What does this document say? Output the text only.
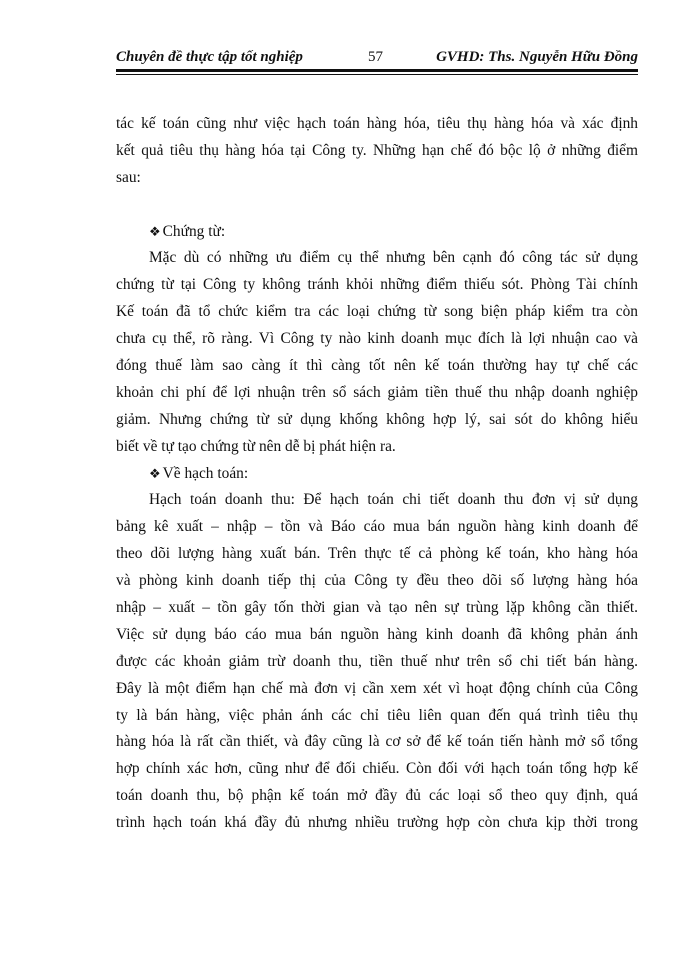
Chuyên đề thực tập tốt nghiệp	57	GVHD: Ths. Nguyễn Hữu Đồng
tác kế toán cũng như việc hạch toán hàng hóa, tiêu thụ hàng hóa và xác định
kết quả tiêu thụ hàng hóa tại Công ty. Những hạn chế đó bộc lộ ở những điểm
sau:
❖ Chứng từ:
Mặc dù có những ưu điểm cụ thể nhưng bên cạnh đó công tác sử dụng
chứng từ tại Công ty không tránh khỏi những điểm thiếu sót. Phòng Tài chính
Kế toán đã tổ chức kiểm tra các loại chứng từ song biện pháp kiểm tra còn
chưa cụ thể, rõ ràng. Vì Công ty nào kinh doanh mục đích là lợi nhuận cao và
đóng thuế làm sao càng ít thì càng tốt nên kế toán thường hay tự chế các
khoản chi phí để lợi nhuận trên sổ sách giảm tiền thuế thu nhập doanh nghiệp
giảm. Nhưng chứng từ sử dụng khống không hợp lý, sai sót do không hiểu
biết về tự tạo chứng từ nên dễ bị phát hiện ra.
❖ Về hạch toán:
Hạch toán doanh thu: Để hạch toán chi tiết doanh thu đơn vị sử dụng
bảng kê xuất – nhập – tồn và Báo cáo mua bán nguồn hàng kinh doanh để
theo dõi lượng hàng xuất bán. Trên thực tế cả phòng kế toán, kho hàng hóa
và phòng kinh doanh tiếp thị của Công ty đều theo dõi số lượng hàng hóa
nhập – xuất – tồn gây tốn thời gian và tạo nên sự trùng lặp không cần thiết.
Việc sử dụng báo cáo mua bán nguồn hàng kinh doanh đã không phản ánh
được các khoản giảm trừ doanh thu, tiền thuế như trên sổ chi tiết bán hàng.
Đây là một điểm hạn chế mà đơn vị cần xem xét vì hoạt động chính của Công
ty là bán hàng, việc phản ánh các chỉ tiêu liên quan đến quá trình tiêu thụ
hàng hóa là rất cần thiết, và đây cũng là cơ sở để kế toán tiến hành mở sổ tổng
hợp chính xác hơn, cũng như để đối chiếu. Còn đối với hạch toán tổng hợp kế
toán doanh thu, bộ phận kế toán mở đầy đủ các loại sổ theo quy định, quá
trình hạch toán khá đầy đủ nhưng nhiều trường hợp còn chưa kịp thời trong
